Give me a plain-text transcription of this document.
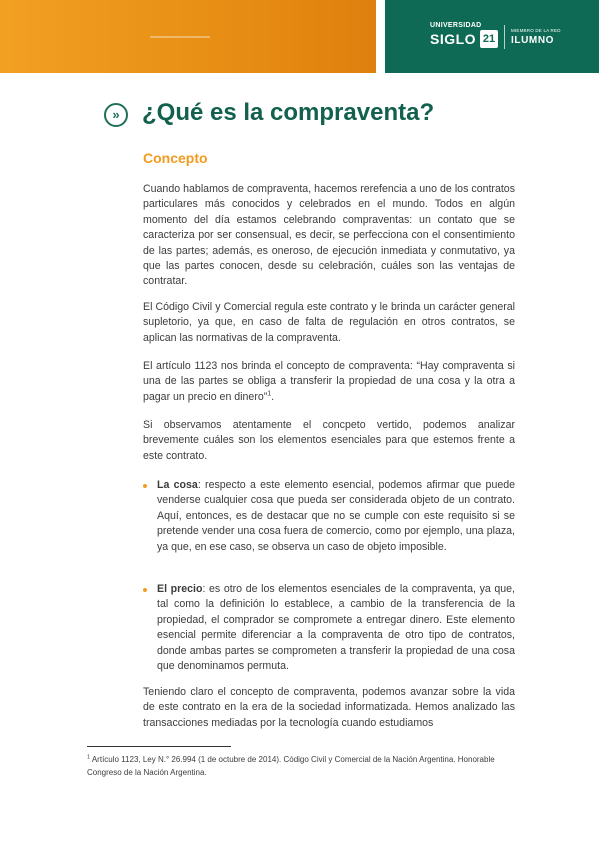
UNIVERSIDAD
SIGLO 21
MIEMBRO DE LA RED
ILUMNO
» ¿Qué es la compraventa?
Concepto

Cuando hablamos de compraventa, hacemos rerefencia a uno de los contratos particulares más conocidos y celebrados en el mundo. Todos en algún momento del día estamos celebrando compraventas: un contato que se caracteriza por ser consensual, es decir, se perfecciona con el consentimiento de las partes; además, es oneroso, de ejecución inmediata y conmutativo, ya que las partes conocen, desde su celebración, cuáles son las ventajas de contratar.

El Código Civil y Comercial regula este contrato y le brinda un carácter general supletorio, ya que, en caso de falta de regulación en otros contratos, se aplican las normativas de la compraventa.

El artículo 1123 nos brinda el concepto de compraventa: “Hay compraventa si una de las partes se obliga a transferir la propiedad de una cosa y la otra a pagar un precio en dinero”$^1$.

Si observamos atentamente el concpeto vertido, podemos analizar brevemente cuáles son los elementos esenciales para que estemos frente a este contrato.

La cosa: respecto a este elemento esencial, podemos afirmar que puede venderse cualquier cosa que pueda ser considerada objeto de un contrato. Aquí, entonces, es de destacar que no se cumple con este requisito si se pretende vender una cosa fuera de comercio, como por ejemplo, una plaza, ya que, en ese caso, se observa un caso de objeto imposible.

El precio: es otro de los elementos esenciales de la compraventa, ya que, tal como la definición lo establece, a cambio de la transferencia de la propiedad, el comprador se compromete a entregar dinero. Este elemento esencial permite diferenciar a la compraventa de otro tipo de contratos, donde ambas partes se comprometen a transferir la propiedad de una cosa que denominamos permuta.

Teniendo claro el concepto de compraventa, podemos avanzar sobre la vida de este contrato en la era de la sociedad informatizada. Hemos analizado las transacciones mediadas por la tecnología cuando estudiamos

$^1$ Artículo 1123, Ley N.° 26.994 (1 de octubre de 2014). Código Civil y Comercial de la Nación Argentina. Honorable Congreso de la Nación Argentina.
